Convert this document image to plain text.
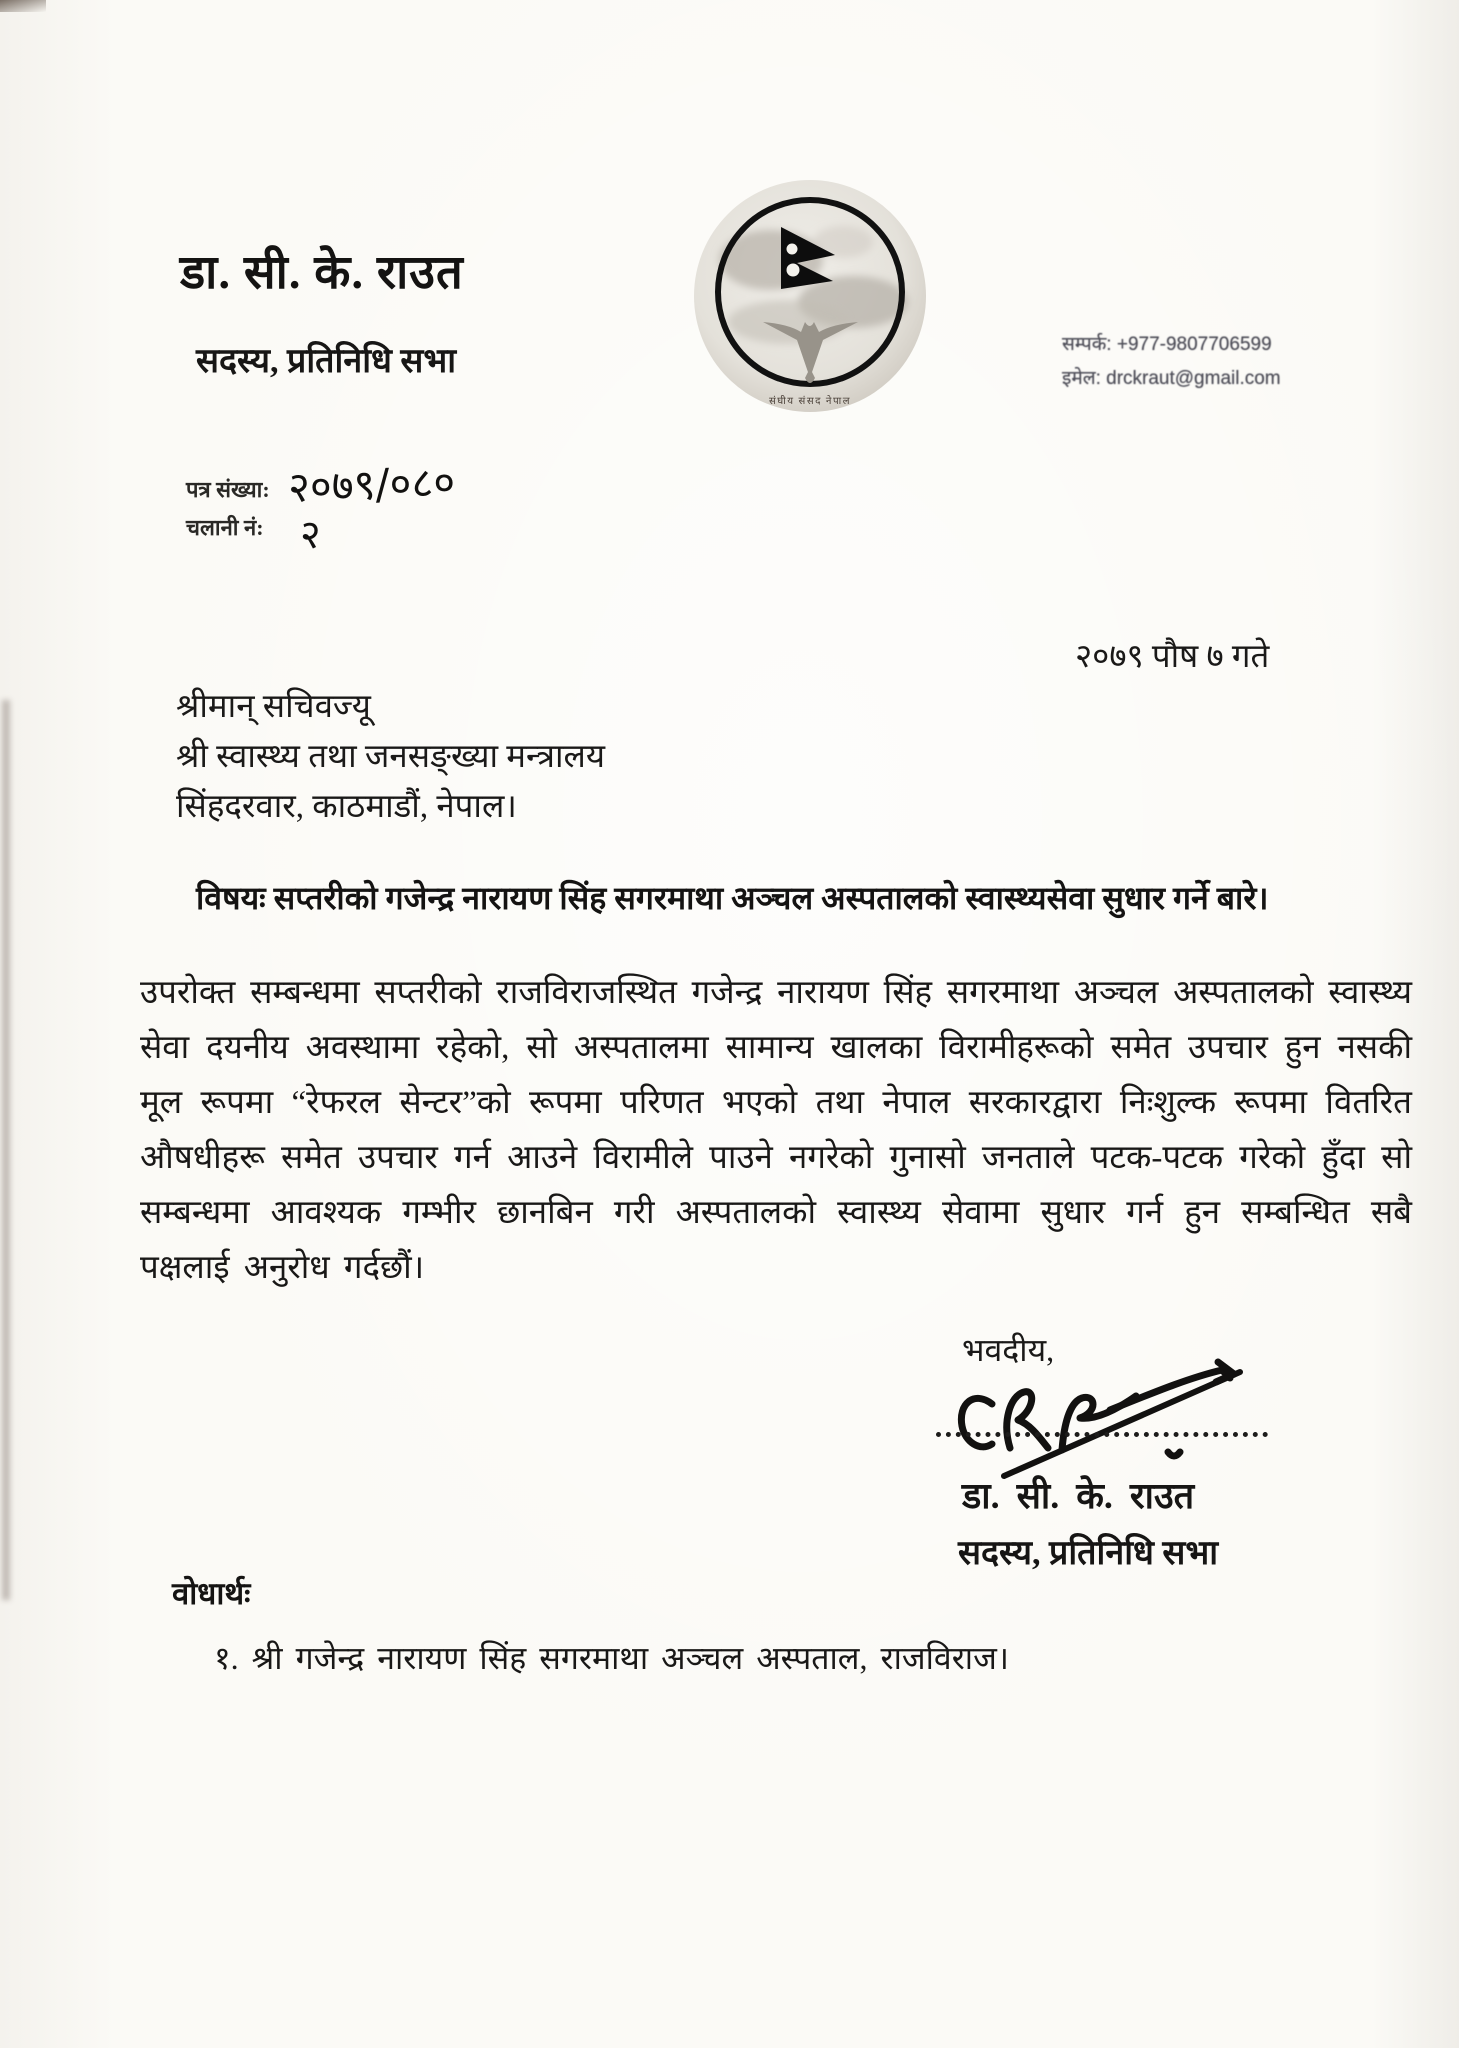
डा. सी. के. राउत
सदस्य, प्रतिनिधि सभा
संघीय संसद नेपाल
सम्पर्क: +977-9807706599
इमेल: drckraut@gmail.com
पत्र संख्या: २०७९/०८०
चलानी नं: २
२०७९ पौष ७ गते
श्रीमान् सचिवज्यू
श्री स्वास्थ्य तथा जनसङ्ख्या मन्त्रालय
सिंहदरवार, काठमाडौं, नेपाल।
विषयः सप्तरीको गजेन्द्र नारायण सिंह सगरमाथा अञ्चल अस्पतालको स्वास्थ्यसेवा सुधार गर्ने बारे।
उपरोक्त सम्बन्धमा सप्तरीको राजविराजस्थित गजेन्द्र नारायण सिंह सगरमाथा अञ्चल अस्पतालको स्वास्थ्य सेवा दयनीय अवस्थामा रहेको, सो अस्पतालमा सामान्य खालका विरामीहरूको समेत उपचार हुन नसकी मूल रूपमा “रेफरल सेन्टर”को रूपमा परिणत भएको तथा नेपाल सरकारद्वारा निःशुल्क रूपमा वितरित औषधीहरू समेत उपचार गर्न आउने विरामीले पाउने नगरेको गुनासो जनताले पटक-पटक गरेको हुँदा सो सम्बन्धमा आवश्यक गम्भीर छानबिन गरी अस्पतालको स्वास्थ्य सेवामा सुधार गर्न हुन सम्बन्धित सबै पक्षलाई अनुरोध गर्दछौं।
भवदीय,
डा. सी. के. राउत
सदस्य, प्रतिनिधि सभा
वोधार्थः
१. श्री गजेन्द्र नारायण सिंह सगरमाथा अञ्चल अस्पताल, राजविराज।
